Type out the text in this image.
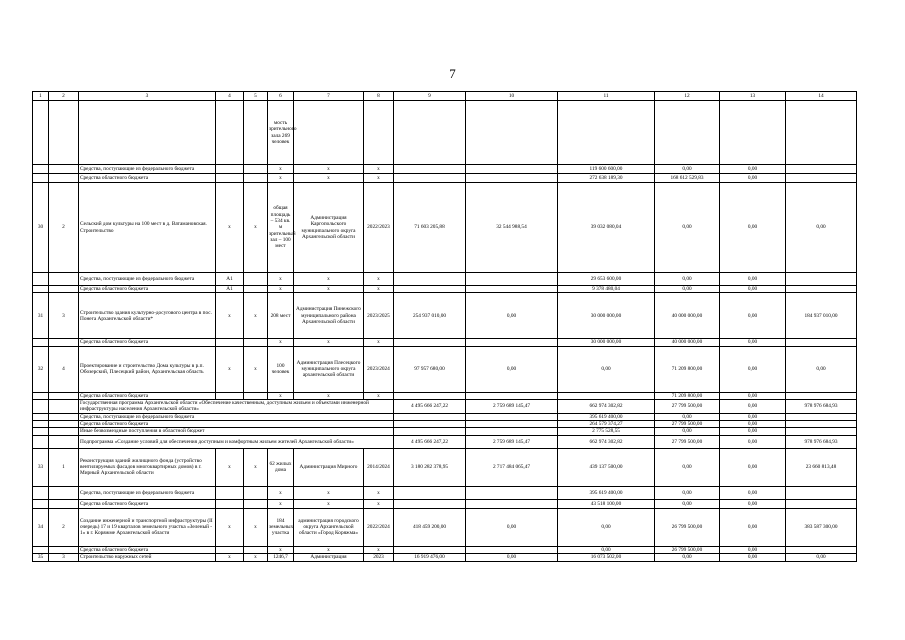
7
1	2	3	4	5	6	7	8	9	10	11	12	13	14
					мость зрительного зала 269 человек								
		Средства, поступающие из федерального бюджета			х	х	х			119 600 600,00	0,00	0,00	
		Средства областного бюджета			х	х	х			272 638 189,30	168 612 529,83	0,00	
30	2	Сельский дом культуры на 100 мест в д. Ватамановская. Строительство	х	х	общая площадь – 534 кв. м зрительный зал – 100 мест	Администрация Каргопольского муниципального округа Архангельской области	2022/2023	71 603 205,88	32 544 988,54	39 032 080,04	0,00	0,00	0,00
		Средства, поступающие из федерального бюджета	A1		х	х	х			29 653 600,00	0,00	0,00	
		Средства областного бюджета	A1		х	х	х			9 378 480,04	0,00	0,00	
31	3	Строительство здания культурно-досугового центра в пос. Понега Архангельской области*	х	х	208 мест	Администрация Пинежского муниципального района Архангельской области	2023/2025	254 937 010,00	0,00	30 000 000,00	40 000 000,00	0,00	184 937 010,00
		Средства областного бюджета			х	х	х			30 000 000,00	40 000 000,00	0,00	
32	4	Проектирование и строительство Дома культуры в р.п. Обозерский, Плесецкий район, Архангельская область	х	х	100 человек	Администрация Плесецкого муниципального округа архангельской области	2023/2024	97 957 680,00	0,00	0,00	71 209 800,00	0,00	0,00
		Средства областного бюджета			х	х	х				71 209 800,00	0,00	
		Государственная программа Архангельской области «Обеспечение качественным, доступным жильем и объектами инженерной инфраструктуры населения Архангельской области»						4 495 666 247,22	2 759 689 145,47	662 974 302,82	27 799 500,00	0,00	978 976 684,93
		Средства, поступающие из федерального бюджета								395 619 400,00	0,00	0,00	
		Средства областного бюджета								264 579 374,27	27 799 500,00	0,00	
		Иные безвозмездные поступления в областной бюджет								2 775 528,55	0,00	0,00	
		Подпрограмма «Создание условий для обеспечения доступным и комфортным жильем жителей Архангельской области»						4 495 666 247,22	2 759 689 145,47	662 974 302,82	27 799 500,00	0,00	978 976 684,93
33	1	Реконструкция зданий жилищного фонда (устройство вентилируемых фасадов многоквартирных домов) в г. Мирный Архангельской области	х	х	62 жилых дома	Администрация Мирного	2014/2024	3 180 282 378,95	2 717 484 065,47	439 137 500,00	0,00	0,00	23 660 813,48
		Средства, поступающие из федерального бюджета			х	х	х			395 619 400,00	0,00	0,00	
		Средства областного бюджета			х	х	х			43 518 100,00	0,00	0,00	
34	2	Создание инженерной и транспортной инфраструктуры (II очередь) 17 и 19 кварталов земельного участка «Зеленый - 1» в г. Коряжме Архангельской области	х	х	184 земельных участка	администрация городского округа Архангельской области «Город Коряжма»	2022/2024	418 459 200,00	0,00	0,00	26 799 500,00	0,00	383 587 300,00
		Средства областного бюджета			х	х	х			0,00	26 799 500,00	0,00	
35	3	Строительство наружных сетей	х	х	1246,7	Администрация	2023	16 919 476,00	0,00	16 073 502,00	0,00	0,00	0,00
